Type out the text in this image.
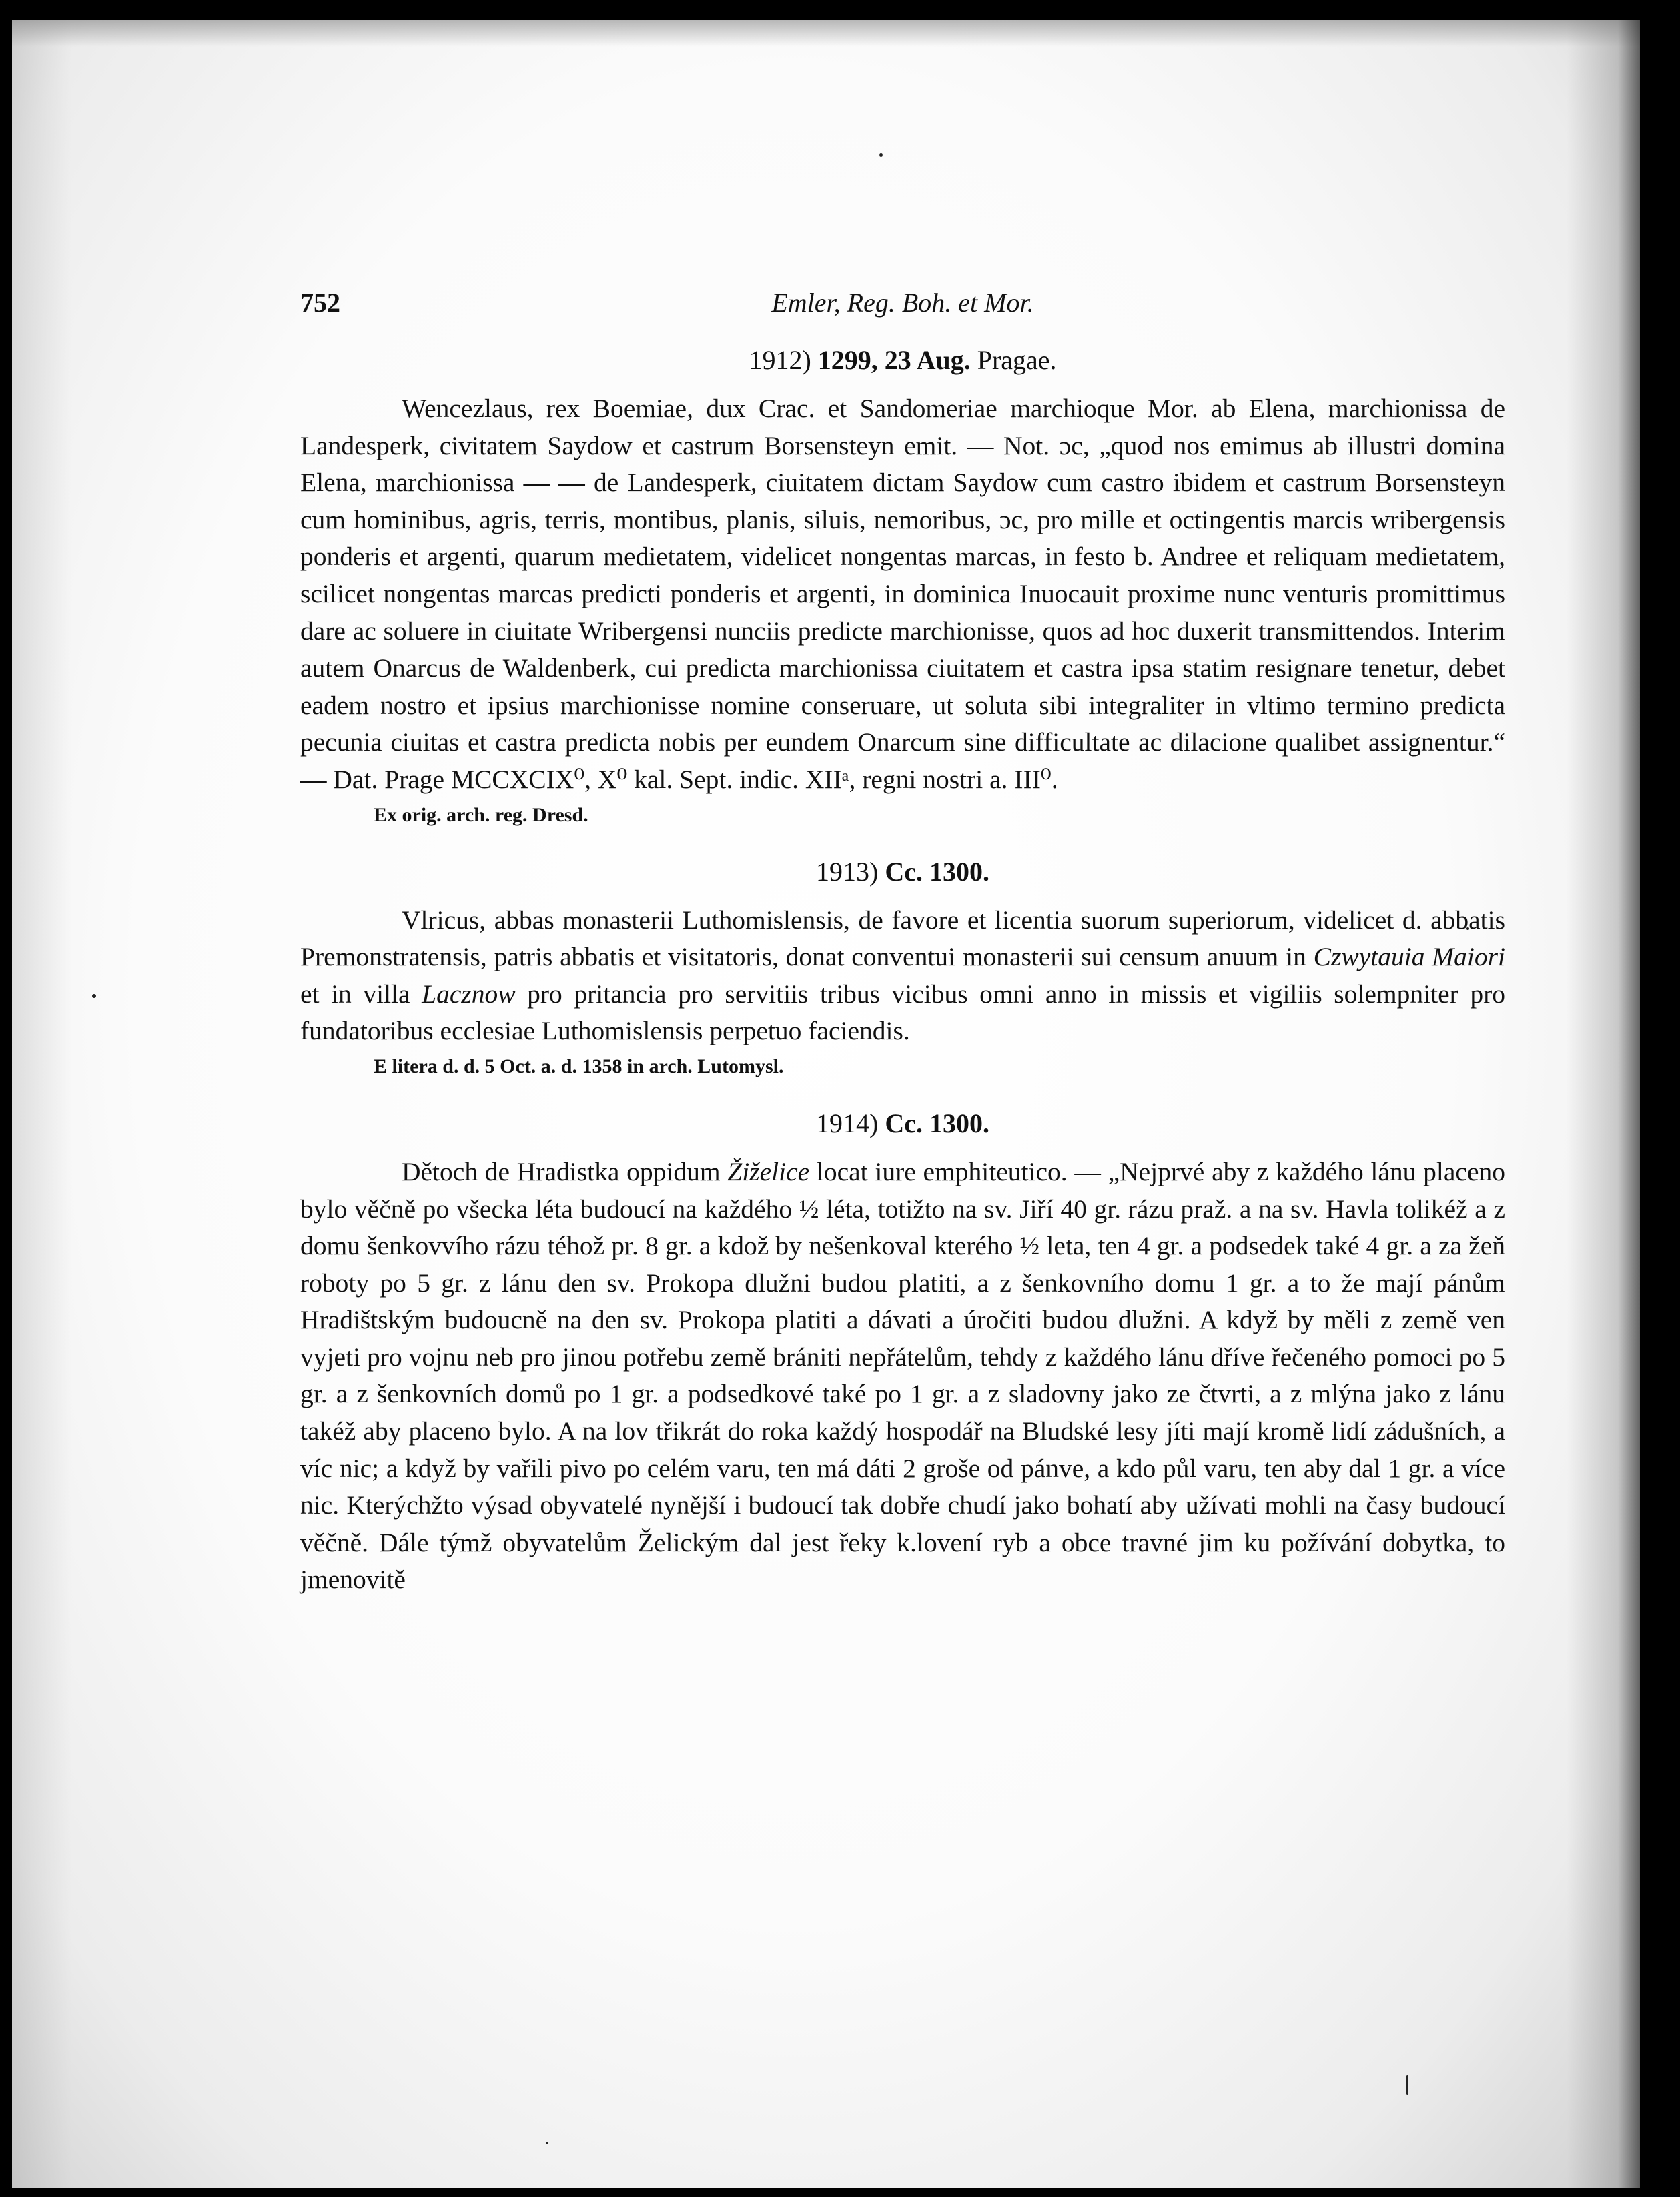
752	Emler, Reg. Boh. et Mor.
1912) 1299, 23 Aug. Pragae.

Wencezlaus, rex Boemiae, dux Crac. et Sandomeriae marchioque Mor. ab Elena, marchionissa de Landesperk, civitatem Saydow et castrum Borsensteyn emit. — Not. ɔc, „quod nos emimus ab illustri domina Elena, marchionissa — — de Landesperk, ciuitatem dictam Saydow cum castro ibidem et castrum Borsensteyn cum hominibus, agris, terris, montibus, planis, siluis, nemoribus, ɔc, pro mille et octingentis marcis wribergensis ponderis et argenti, quarum medietatem, videlicet nongentas marcas, in festo b. Andree et reliquam medietatem, scilicet nongentas marcas predicti ponderis et argenti, in dominica Inuocauit proxime nunc venturis promittimus dare ac soluere in ciuitate Wribergensi nunciis predicte marchionisse, quos ad hoc duxerit transmittendos. Interim autem Onarcus de Waldenberk, cui predicta marchionissa ciuitatem et castra ipsa statim resignare tenetur, debet eadem nostro et ipsius marchionisse nomine conseruare, ut soluta sibi integraliter in vltimo termino predicta pecunia ciuitas et castra predicta nobis per eundem Onarcum sine difficultate ac dilacione qualibet assignentur.“ — Dat. Prage MCCXCIX⁰, X⁰ kal. Sept. indic. XIIᵃ, regni nostri a. III⁰.

Ex orig. arch. reg. Dresd.
1913) Cc. 1300.

Vlricus, abbas monasterii Luthomislensis, de favore et licentia suorum superiorum, videlicet d. abbatis Premonstratensis, patris abbatis et visitatoris, donat conventui monasterii sui censum anuum in Czwytauia Maiori et in villa Lacznow pro pritancia pro servitiis tribus vicibus omni anno in missis et vigiliis solempniter pro fundatoribus ecclesiae Luthomislensis perpetuo faciendis.

E litera d. d. 5 Oct. a. d. 1358 in arch. Lutomysl.
1914) Cc. 1300.

Dětoch de Hradistka oppidum Žiželice locat iure emphiteutico. — „Nejprvé aby z každého lánu placeno bylo věčně po všecka léta budoucí na každého ½ léta, totižto na sv. Jiří 40 gr. rázu praž. a na sv. Havla tolikéž a z domu šenkovvího rázu téhož pr. 8 gr. a kdož by nešenkoval kterého ½ leta, ten 4 gr. a podsedek také 4 gr. a za žeň roboty po 5 gr. z lánu den sv. Prokopa dlužni budou platiti, a z šenkovního domu 1 gr. a to že mají pánům Hradištským budoucně na den sv. Prokopa platiti a dávati a úročiti budou dlužni. A když by měli z země ven vyjeti pro vojnu neb pro jinou potřebu země brániti nepřátelům, tehdy z každého lánu dříve řečeného pomoci po 5 gr. a z šenkovních domů po 1 gr. a podsedkové také po 1 gr. a z sladovny jako ze čtvrti, a z mlýna jako z lánu takéž aby placeno bylo. A na lov třikrát do roka každý hospodář na Bludské lesy jíti mají kromě lidí zádušních, a víc nic; a když by vařili pivo po celém varu, ten má dáti 2 groše od pánve, a kdo půl varu, ten aby dal 1 gr. a více nic. Kterýchžto výsad obyvatelé nynější i budoucí tak dobře chudí jako bohatí aby užívati mohli na časy budoucí věčně. Dále týmž obyvatelům Želickým dal jest řeky k.lovení ryb a obce travné jim ku požívání dobytka, to jmenovitě
